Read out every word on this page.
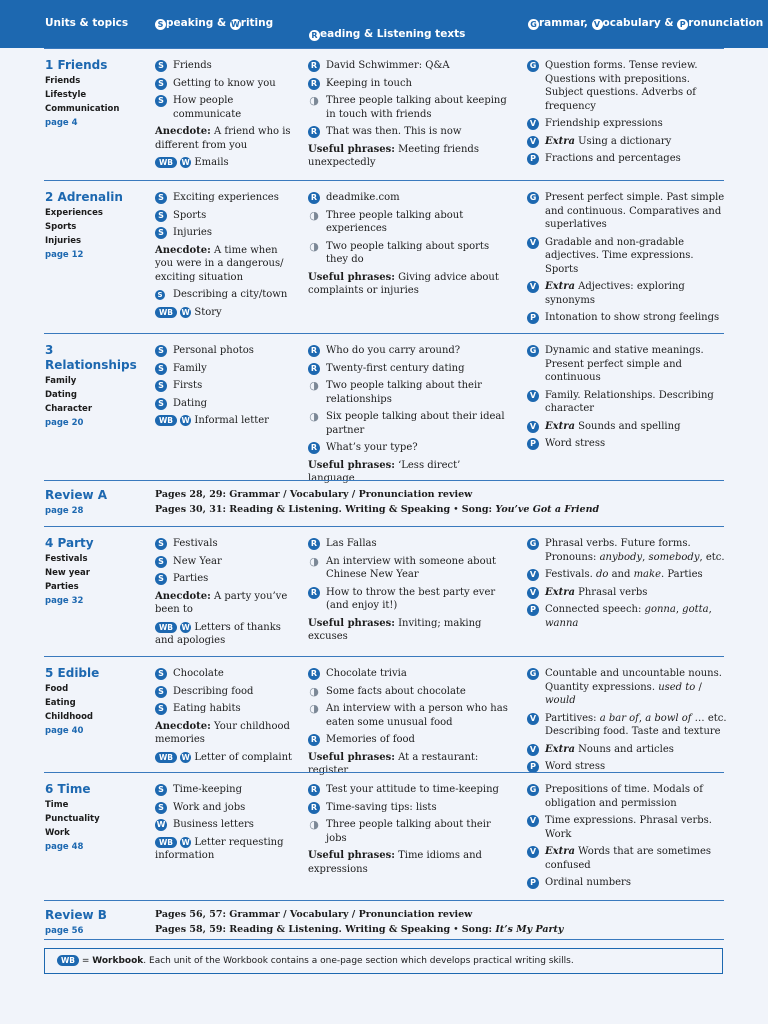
Units & topics	S peaking & Writing
R eading & Listening texts
G rammar, V ocabulary & P ronunciation
1 Friends
Friends
Lifestyle
Communication
page 4
S Friends
S Getting to know you
S How people communicate
Anecdote: A friend who is different from you
WB W Emails
R David Schwimmer: Q&A
R Keeping in touch
◑ Three people talking about keeping in touch with friends
R That was then. This is now
Useful phrases: Meeting friends unexpectedly
G Question forms. Tense review. Questions with prepositions. Subject questions. Adverbs of frequency
V Friendship expressions
V Extra Using a dictionary
P Fractions and percentages
2 Adrenalin
Experiences
Sports
Injuries
page 12
S Exciting experiences
S Sports
S Injuries
Anecdote: A time when you were in a dangerous/ exciting situation
S Describing a city/town
WB W Story
R deadmike.com
◑ Three people talking about experiences
◑ Two people talking about sports they do
Useful phrases: Giving advice about complaints or injuries
G Present perfect simple. Past simple and continuous. Comparatives and superlatives
V Gradable and non-gradable adjectives. Time expressions. Sports
V Extra Adjectives: exploring synonyms
P Intonation to show strong feelings
3 Relationships
Family
Dating
Character
page 20
S Personal photos
S Family
S Firsts
S Dating
WB W Informal letter
R Who do you carry around?
R Twenty-first century dating
◑ Two people talking about their relationships
◑ Six people talking about their ideal partner
R What’s your type?
Useful phrases: ‘Less direct’ language
G Dynamic and stative meanings. Present perfect simple and continuous
V Family. Relationships. Describing character
V Extra Sounds and spelling
P Word stress
4 Party
Festivals
New year
Parties
page 32
S Festivals
S New Year
S Parties
Anecdote: A party you’ve been to
WB W Letters of thanks and apologies
R Las Fallas
◑ An interview with someone about Chinese New Year
R How to throw the best party ever (and enjoy it!)
Useful phrases: Inviting; making excuses
G Phrasal verbs. Future forms. Pronouns: anybody, somebody, etc.
V Festivals. do and make. Parties
V Extra Phrasal verbs
P Connected speech: gonna, gotta, wanna
5 Edible
Food
Eating
Childhood
page 40
S Chocolate
S Describing food
S Eating habits
Anecdote: Your childhood memories
WB W Letter of complaint
R Chocolate trivia
◑ Some facts about chocolate
◑ An interview with a person who has eaten some unusual food
R Memories of food
Useful phrases: At a restaurant: register
G Countable and uncountable nouns. Quantity expressions. used to / would
V Partitives: a bar of, a bowl of … etc. Describing food. Taste and texture
V Extra Nouns and articles
P Word stress
6 Time
Time
Punctuality
Work
page 48
S Time-keeping
S Work and jobs
W Business letters
WB W Letter requesting information
R Test your attitude to time-keeping
R Time-saving tips: lists
◑ Three people talking about their jobs
Useful phrases: Time idioms and expressions
G Prepositions of time. Modals of obligation and permission
V Time expressions. Phrasal verbs. Work
V Extra Words that are sometimes confused
P Ordinal numbers
Review A
page 28
Pages 28, 29: Grammar / Vocabulary / Pronunciation review
Pages 30, 31: Reading & Listening. Writing & Speaking • Song: You’ve Got a Friend
Review B
page 56
Pages 56, 57: Grammar / Vocabulary / Pronunciation review
Pages 58, 59: Reading & Listening. Writing & Speaking • Song: It’s My Party
WB = Workbook. Each unit of the Workbook contains a one-page section which develops practical writing skills.
